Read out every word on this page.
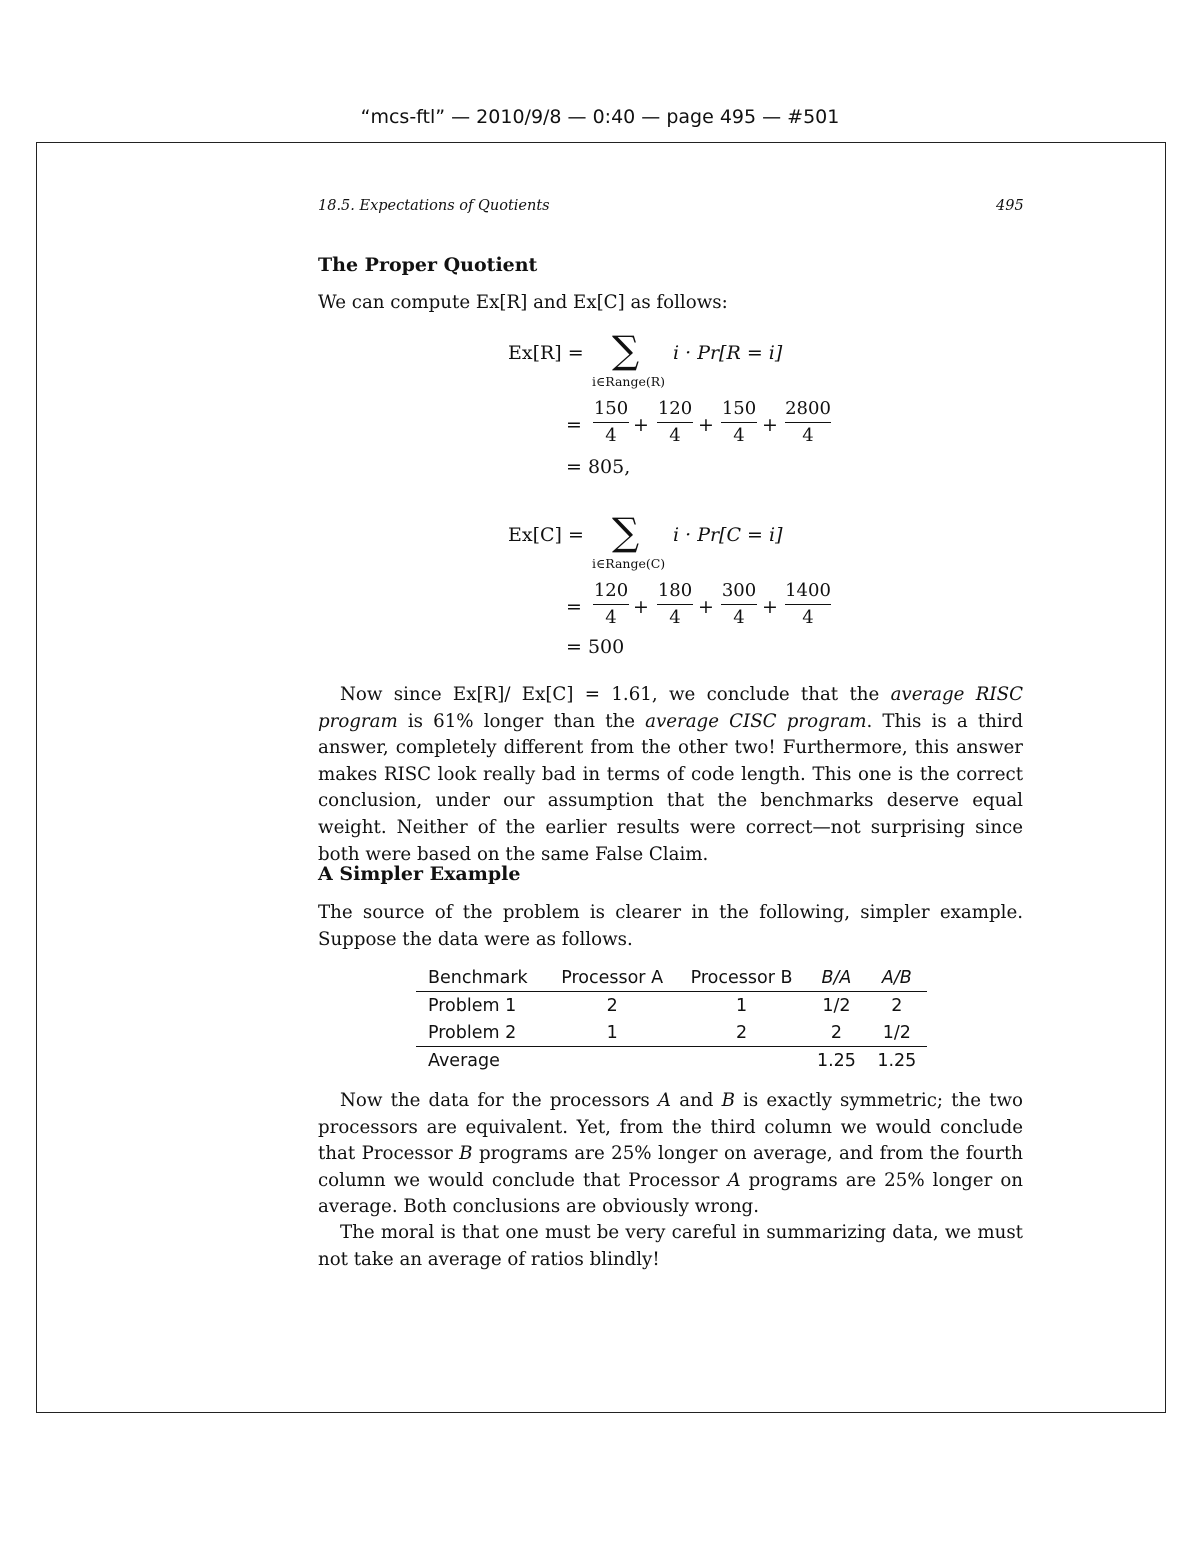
“mcs-ftl” — 2010/9/8 — 0:40 — page 495 — #501
18.5. Expectations of Quotients	495
The Proper Quotient
We can compute Ex[R] and Ex[C] as follows:
Ex[R] = ∑
i∈Range(R)
i · Pr[R = i]
= $\frac{150}{4} + \frac{120}{4} + \frac{150}{4} + \frac{2800}{4}$
= 805,
Ex[C] = ∑
i∈Range(C)
i · Pr[C = i]
= $\frac{120}{4} + \frac{180}{4} + \frac{300}{4} + \frac{1400}{4}$
= 500
Now since Ex[R]/ Ex[C] = 1.61, we conclude that the average RISC program is 61% longer than the average CISC program. This is a third answer, completely different from the other two! Furthermore, this answer makes RISC look really bad in terms of code length. This one is the correct conclusion, under our assumption that the benchmarks deserve equal weight. Neither of the earlier results were correct—not surprising since both were based on the same False Claim.
A Simpler Example
The source of the problem is clearer in the following, simpler example. Suppose the data were as follows.
Benchmark	Processor A	Processor B	B/A	A/B
Problem 1	2	1	1/2	2
Problem 2	1	2	2	1/2
Average			1.25	1.25
Now the data for the processors A and B is exactly symmetric; the two processors are equivalent. Yet, from the third column we would conclude that Processor B programs are 25% longer on average, and from the fourth column we would conclude that Processor A programs are 25% longer on average. Both conclusions are obviously wrong.
The moral is that one must be very careful in summarizing data, we must not take an average of ratios blindly!
